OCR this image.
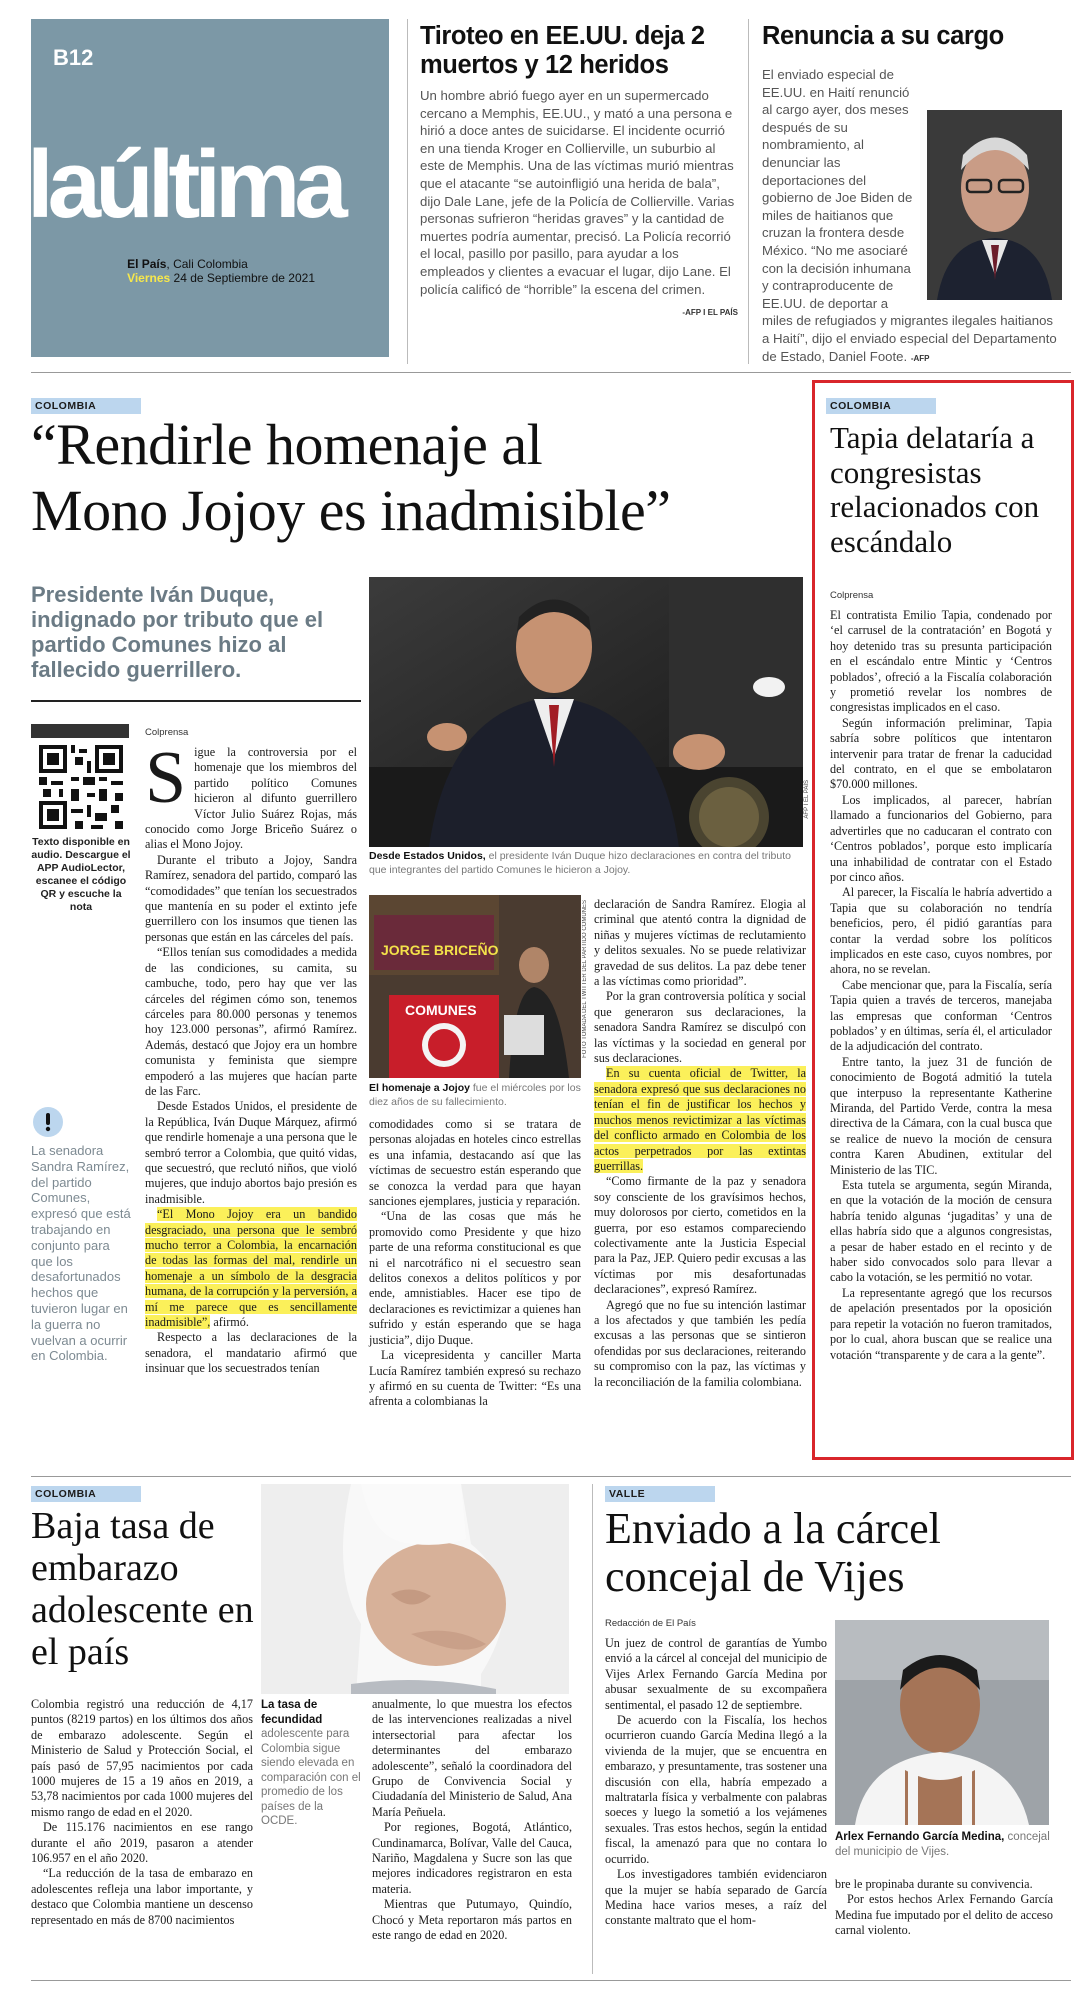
B12
laúltima
El País, Cali Colombia
Viernes 24 de Septiembre de 2021
Tiroteo en EE.UU. deja 2 muertos y 12 heridos
Un hombre abrió fuego ayer en un supermercado cercano a Memphis, EE.UU., y mató a una persona e hirió a doce antes de suicidarse. El incidente ocurrió en una tienda Kroger en Collierville, un suburbio al este de Memphis. Una de las víctimas murió mientras que el atacante “se autoinfligió una herida de bala”, dijo Dale Lane, jefe de la Policía de Collierville. Varias personas sufrieron “heridas graves” y la cantidad de muertes podría aumentar, precisó. La Policía recorrió el local, pasillo por pasillo, para ayudar a los empleados y clientes a evacuar el lugar, dijo Lane. El policía calificó de “horrible” la escena del crimen.
-AFP I EL PAÍS
Renuncia a su cargo
El enviado especial de EE.UU. en Haití renunció al cargo ayer, dos meses después de su nombramiento, al denunciar las deportaciones del gobierno de Joe Biden de miles de haitianos que cruzan la frontera desde México. “No me asociaré con la decisión inhumana y contraproducente de EE.UU. de deportar a miles de refugiados y migrantes ilegales haitianos a Haití”, dijo el enviado especial del Departamento de Estado, Daniel Foote. -AFP
COLOMBIA
“Rendirle homenaje al
Mono Jojoy es inadmisible”
Presidente Iván Duque, indignado por tributo que el partido Comunes hizo al fallecido guerrillero.
Texto disponible en audio. Descargue el APP AudioLector, escanee el código QR y escuche la nota
La senadora Sandra Ramírez, del partido Comunes, expresó que está trabajando en conjunto para que los desafortunados hechos que tuvieron lugar en la guerra no vuelvan a ocurrir en Colombia.
Colprensa
S igue la controversia por el homenaje que los miembros del partido político Comunes hicieron al difunto guerrillero Víctor Julio Suárez Rojas, más conocido como Jorge Briceño Suárez o alias el Mono Jojoy.

Durante el tributo a Jojoy, Sandra Ramírez, senadora del partido, comparó las “comodidades” que tenían los secuestrados que mantenía en su poder el extinto jefe guerrillero con los insumos que tienen las personas que están en las cárceles del país.

“Ellos tenían sus comodidades a medida de las condiciones, su camita, su cambuche, todo, pero hay que ver las cárceles del régimen cómo son, tenemos cárceles para 80.000 personas y tenemos hoy 123.000 personas”, afirmó Ramírez. Además, destacó que Jojoy era un hombre comunista y feminista que siempre empoderó a las mujeres que hacían parte de las Farc.

Desde Estados Unidos, el presidente de la República, Iván Duque Márquez, afirmó que rendirle homenaje a una persona que le sembró terror a Colombia, que quitó vidas, que secuestró, que reclutó niños, que violó mujeres, que indujo abortos bajo presión es inadmisible.

“El Mono Jojoy era un bandido desgraciado, una persona que le sembró mucho terror a Colombia, la encarnación de todas las formas del mal, rendirle un homenaje a un símbolo de la desgracia humana, de la corrupción y la perversión, a mí me parece que es sencillamente inadmisible”, afirmó.

Respecto a las declaraciones de la senadora, el mandatario afirmó que insinuar que los secuestrados tenían

AFP I EL PAÍS
Desde Estados Unidos, el presidente Iván Duque hizo declaraciones en contra del tributo que integrantes del partido Comunes le hicieron a Jojoy.
JORGE BRICEÑO
COMUNES	FOTO TOMADA DEL TWITTER DEL PARTIDO COMUNES
El homenaje a Jojoy fue el miércoles por los diez años de su fallecimiento.

comodidades como si se tratara de personas alojadas en hoteles cinco estrellas es una infamia, destacando así que las víctimas de secuestro están esperando que se conozca la verdad para que hayan sanciones ejemplares, justicia y reparación.

“Una de las cosas que más he promovido como Presidente y que hizo parte de una reforma constitucional es que ni el narcotráfico ni el secuestro sean delitos conexos a delitos políticos y por ende, amnistiables. Hacer ese tipo de declaraciones es revictimizar a quienes han sufrido y están esperando que se haga justicia”, dijo Duque.

La vicepresidenta y canciller Marta Lucía Ramírez también expresó su rechazo y afirmó en su cuenta de Twitter: “Es una afrenta a colombianas la

declaración de Sandra Ramírez. Elogia al criminal que atentó contra la dignidad de niñas y mujeres víctimas de reclutamiento y delitos sexuales. No se puede relativizar gravedad de sus delitos. La paz debe tener a las víctimas como prioridad”.

Por la gran controversia política y social que generaron sus declaraciones, la senadora Sandra Ramírez se disculpó con las víctimas y la sociedad en general por sus declaraciones.

En su cuenta oficial de Twitter, la senadora expresó que sus declaraciones no tenían el fin de justificar los hechos y muchos menos revictimizar a las víctimas del conflicto armado en Colombia de los actos perpetrados por las extintas guerrillas.

“Como firmante de la paz y senadora soy consciente de los gravísimos hechos, muy dolorosos por cierto, cometidos en la guerra, por eso estamos compareciendo colectivamente ante la Justicia Especial para la Paz, JEP. Quiero pedir excusas a las víctimas por mis desafortunadas declaraciones”, expresó Ramírez.

Agregó que no fue su intención lastimar a los afectados y que también les pedía excusas a las personas que se sintieron ofendidas por sus declaraciones, reiterando su compromiso con la paz, las víctimas y la reconciliación de la familia colombiana.

COLOMBIA
Tapia delataría a congresistas relacionados con escándalo
Colprensa

El contratista Emilio Tapia, condenado por ‘el carrusel de la contratación’ en Bogotá y hoy detenido tras su presunta participación en el escándalo entre Mintic y ‘Centros poblados’, ofreció a la Fiscalía colaboración y prometió revelar los nombres de congresistas implicados en el caso.

Según información preliminar, Tapia sabría sobre políticos que intentaron intervenir para tratar de frenar la caducidad del contrato, en el que se embolataron $70.000 millones.

Los implicados, al parecer, habrían llamado a funcionarios del Gobierno, para advertirles que no caducaran el contrato con ‘Centros poblados’, porque esto implicaría una inhabilidad de contratar con el Estado por cinco años.

Al parecer, la Fiscalía le habría advertido a Tapia que su colaboración no tendría beneficios, pero, él pidió garantías para contar la verdad sobre los políticos implicados en este caso, cuyos nombres, por ahora, no se revelan.

Cabe mencionar que, para la Fiscalía, sería Tapia quien a través de terceros, manejaba las empresas que conforman ‘Centros poblados’ y en últimas, sería él, el articulador de la adjudicación del contrato.

Entre tanto, la juez 31 de función de conocimiento de Bogotá admitió la tutela que interpuso la representante Katherine Miranda, del Partido Verde, contra la mesa directiva de la Cámara, con la cual busca que se realice de nuevo la moción de censura contra Karen Abudinen, extitular del Ministerio de las TIC.

Esta tutela se argumenta, según Miranda, en que la votación de la moción de censura habría tenido algunas ‘jugaditas’ y una de ellas habría sido que a algunos congresistas, a pesar de haber estado en el recinto y de haber sido convocados solo para llevar a cabo la votación, se les permitió no votar.

La representante agregó que los recursos de apelación presentados por la oposición para repetir la votación no fueron tramitados, por lo cual, ahora buscan que se realice una votación “transparente y de cara a la gente”.

COLOMBIA
Baja tasa de embarazo adolescente en el país
La tasa de fecundidad adolescente para Colombia sigue siendo elevada en comparación con el promedio de los países de la OCDE.

Colombia registró una reducción de 4,17 puntos (8219 partos) en los últimos dos años de embarazo adolescente. Según el Ministerio de Salud y Protección Social, el país pasó de 57,95 nacimientos por cada 1000 mujeres de 15 a 19 años en 2019, a 53,78 nacimientos por cada 1000 mujeres del mismo rango de edad en el 2020.

De 115.176 nacimientos en ese rango durante el año 2019, pasaron a atender 106.957 en el año 2020.

“La reducción de la tasa de embarazo en adolescentes refleja una labor importante, y destaco que Colombia mantiene un descenso representado en más de 8700 nacimientos

anualmente, lo que muestra los efectos de las intervenciones realizadas a nivel intersectorial para afectar los determinantes del embarazo adolescente”, señaló la coordinadora del Grupo de Convivencia Social y Ciudadanía del Ministerio de Salud, Ana María Peñuela.

Por regiones, Bogotá, Atlántico, Cundinamarca, Bolívar, Valle del Cauca, Nariño, Magdalena y Sucre son las que mejores indicadores registraron en esta materia.

Mientras que Putumayo, Quindío, Chocó y Meta reportaron más partos en este rango de edad en 2020.

VALLE
Enviado a la cárcel concejal de Vijes
Redacción de El País

Un juez de control de garantías de Yumbo envió a la cárcel al concejal del municipio de Vijes Arlex Fernando García Medina por abusar sexualmente de su excompañera sentimental, el pasado 12 de septiembre.

De acuerdo con la Fiscalía, los hechos ocurrieron cuando García Medina llegó a la vivienda de la mujer, que se encuentra en embarazo, y presuntamente, tras sostener una discusión con ella, habría empezado a maltratarla física y verbalmente con palabras soeces y luego la sometió a los vejámenes sexuales. Tras estos hechos, según la entidad fiscal, la amenazó para que no contara lo ocurrido.

Los investigadores también evidenciaron que la mujer se había separado de García Medina hace varios meses, a raíz del constante maltrato que el hom-

Arlex Fernando García Medina, concejal del municipio de Vijes.

bre le propinaba durante su convivencia.

Por estos hechos Arlex Fernando García Medina fue imputado por el delito de acceso carnal violento.
